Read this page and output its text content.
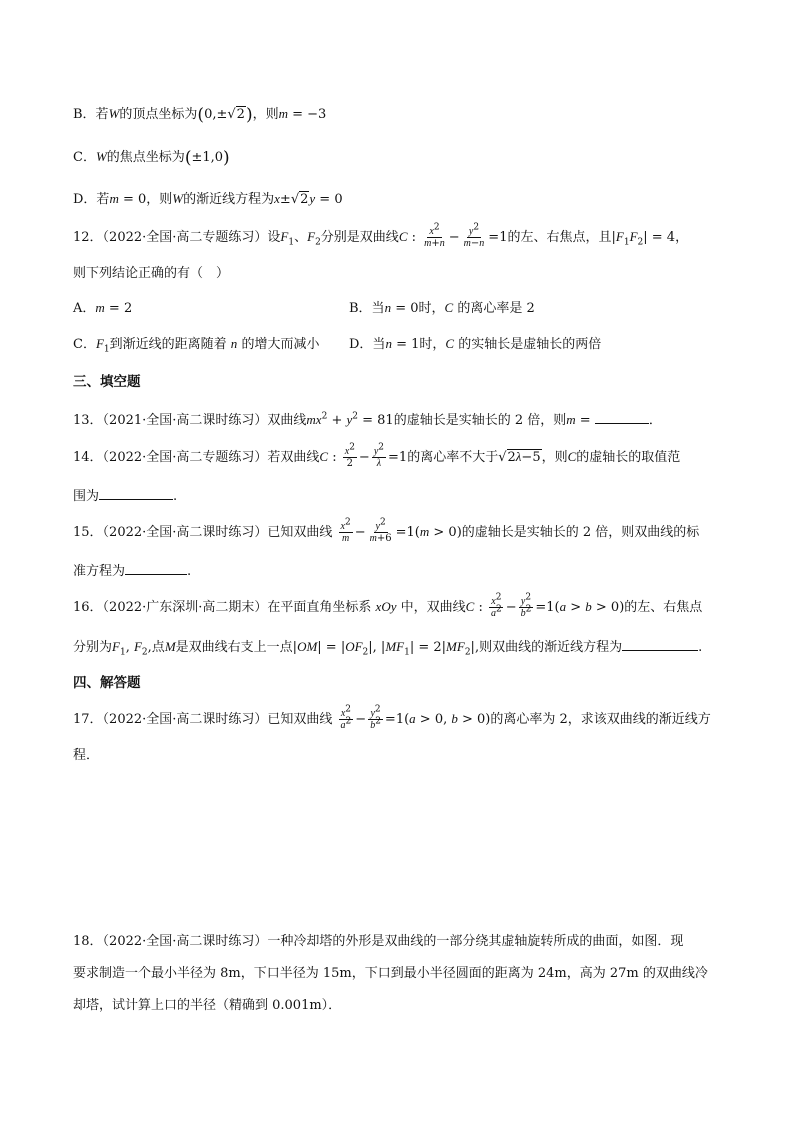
B．若W的顶点坐标为(0,±√2)，则m = −3
C．W的焦点坐标为(±1,0)
D．若m = 0，则W的渐近线方程为x±√2y = 0
12．（2022·全国·高二专题练习）设$F_1$、$F_2$分别是双曲线C : $\frac{x^2}{m+n} - \frac{y^2}{m-n} =1$的左、右焦点，且$|F_1F_2| = 4$，
则下列结论正确的有（　）
A．m = 2	B．当n = 0时，C 的离心率是 2
C．$F_1$到渐近线的距离随着 n 的增大而减小 D．当n = 1时，C 的实轴长是虚轴长的两倍
三、填空题
13．（2021·全国·高二课时练习）双曲线$mx^2 + y^2 = 81$的虚轴长是实轴长的 2 倍，则m =	．
14．（2022·全国·高二专题练习）若双曲线C : $\frac{x^2}{2} - \frac{y^2}{\lambda} =1$的离心率不大于√2λ−5，则C的虚轴长的取值范
围为	.
15．（2022·全国·高二课时练习）已知双曲线 $\frac{x^2}{m} - \frac{y^2}{m+6} =1(m > 0)$的虚轴长是实轴长的 2 倍，则双曲线的标
准方程为	.
16．（2022·广东深圳·高二期末）在平面直角坐标系 xOy 中，双曲线C : $\frac{x^2}{a^2} - \frac{y^2}{b^2} =1(a > b > 0)$的左、右焦点
分别为$F_1$, $F_2$,点M是双曲线右支上一点$|OM| = |OF_2|$, $|MF_1| = 2|MF_2|$,则双曲线的渐近线方程为	.
四、解答题
17．（2022·全国·高二课时练习）已知双曲线 $\frac{x^2}{a^2} - \frac{y^2}{b^2} =1(a > 0$, b > 0)的离心率为 2，求该双曲线的渐近线方
程．
18．（2022·全国·高二课时练习）一种冷却塔的外形是双曲线的一部分绕其虚轴旋转所成的曲面，如图．现
要求制造一个最小半径为 8m，下口半径为 15m，下口到最小半径圆面的距离为 24m，高为 27m 的双曲线冷
却塔，试计算上口的半径（精确到 0.001m）．
